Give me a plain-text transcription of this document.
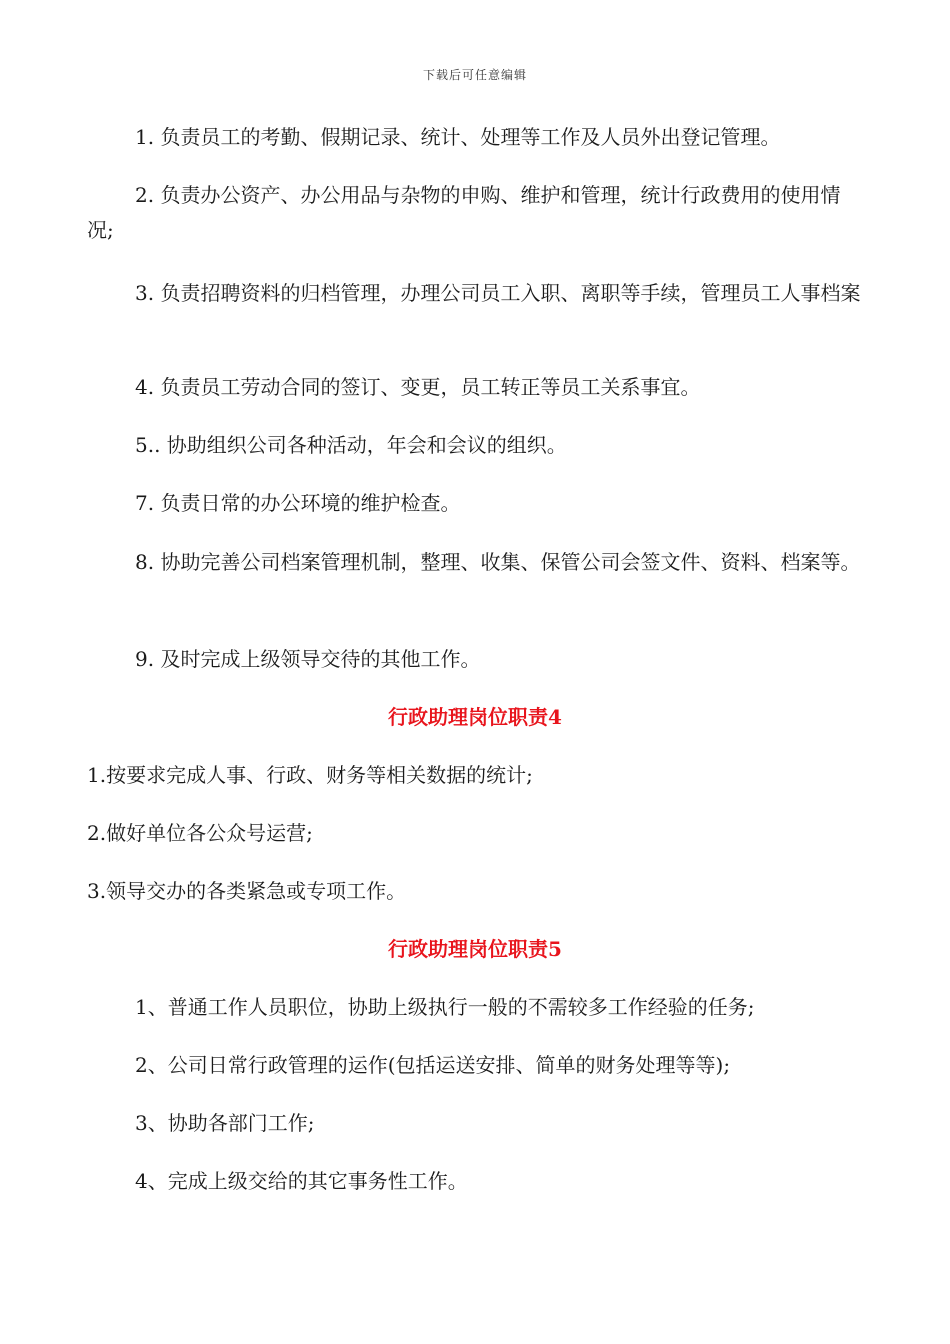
下载后可任意编辑
1. 负责员工的考勤、假期记录、统计、处理等工作及人员外出登记管理。
2. 负责办公资产、办公用品与杂物的申购、维护和管理，统计行政费用的使用情况;
3. 负责招聘资料的归档管理，办理公司员工入职、离职等手续，管理员工人事档案
4. 负责员工劳动合同的签订、变更，员工转正等员工关系事宜。
5.. 协助组织公司各种活动，年会和会议的组织。
7. 负责日常的办公环境的维护检查。
8. 协助完善公司档案管理机制，整理、收集、保管公司会签文件、资料、档案等。
9. 及时完成上级领导交待的其他工作。
行政助理岗位职责4
1.按要求完成人事、行政、财务等相关数据的统计;
2.做好单位各公众号运营;
3.领导交办的各类紧急或专项工作。
行政助理岗位职责5
1、普通工作人员职位，协助上级执行一般的不需较多工作经验的任务;
2、公司日常行政管理的运作(包括运送安排、简单的财务处理等等);
3、协助各部门工作;
4、完成上级交给的其它事务性工作。
